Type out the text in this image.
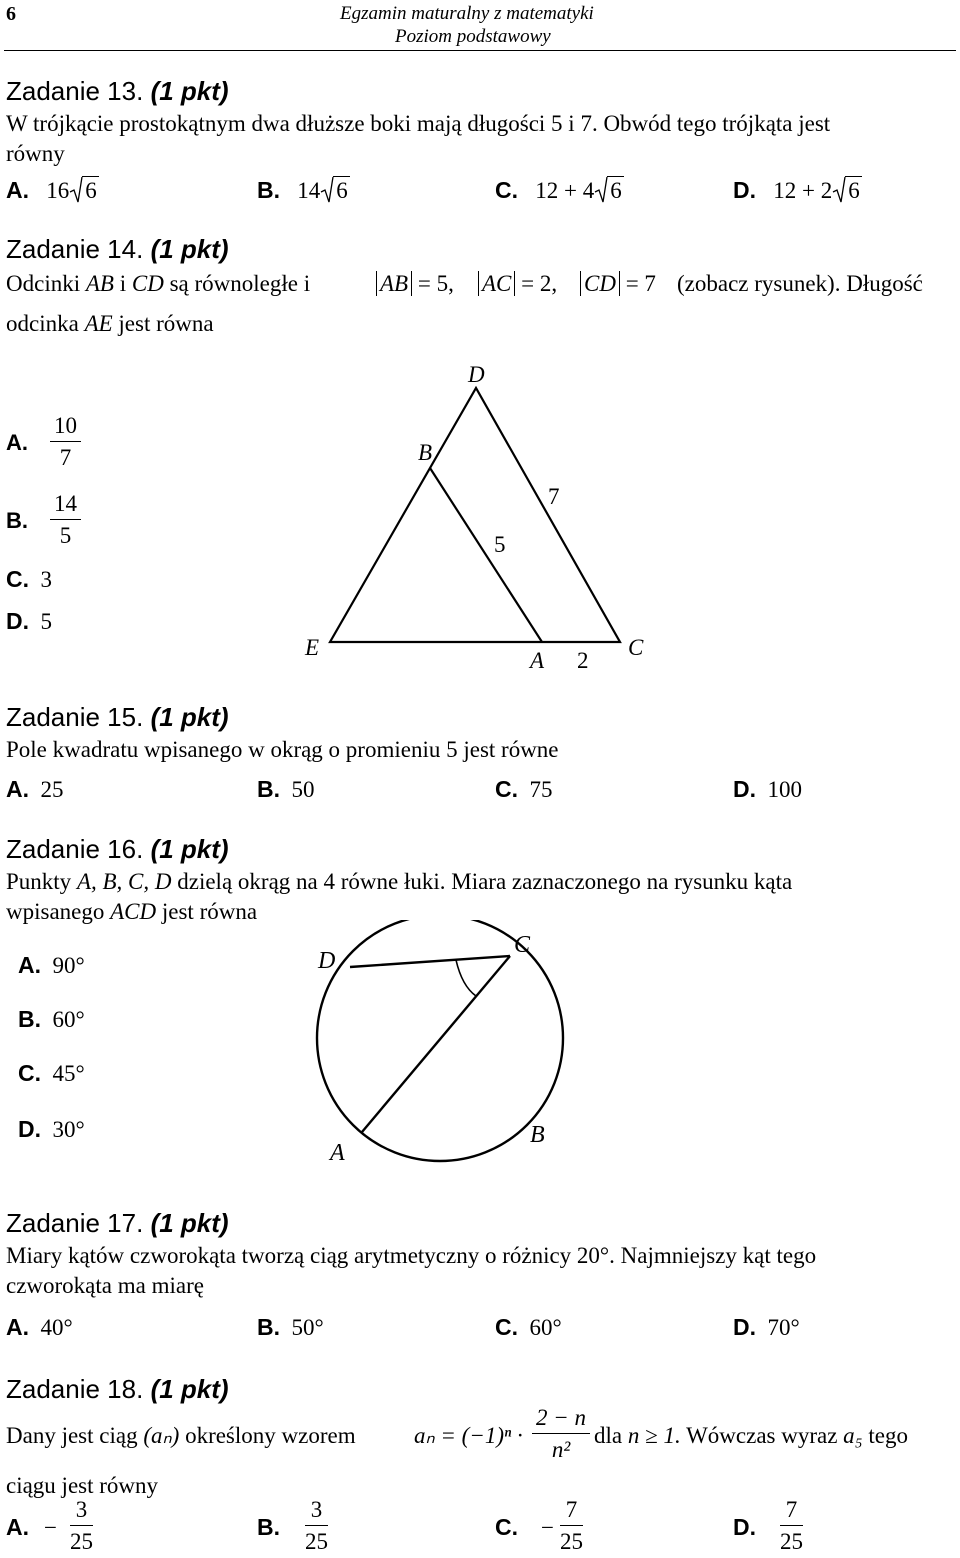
6	Egzamin maturalny z matematyki
Poziom podstawowy
Zadanie 13. (1 pkt)
W trójkącie prostokątnym dwa dłuższe boki mają długości 5 i 7. Obwód tego trójkąta jest
równy
A. 16 6	B. 14 6	C. 12 + 4 6	D. 12 + 2 6
Zadanie 14. (1 pkt)
Odcinki AB i CD są równoległe i	AB = 5, AC = 2, CD = 7 (zobacz rysunek). Długość
odcinka AE jest równa
A. $\frac{10}{7}$
B. $\frac{14}{5}$
C. 3
D. 5
D
B
E
A
C
7
5
2
Zadanie 15. (1 pkt)
Pole kwadratu wpisanego w okrąg o promieniu 5 jest równe
A. 25	B. 50	C. 75	D. 100
Zadanie 16. (1 pkt)
Punkty A, B, C, D dzielą okrąg na 4 równe łuki. Miara zaznaczonego na rysunku kąta
wpisanego ACD jest równa
A. 90°
B. 60°
C. 45°
D. 30°
D
C
A
B
Zadanie 17. (1 pkt)
Miary kątów czworokąta tworzą ciąg arytmetyczny o różnicy 20°. Najmniejszy kąt tego
czworokąta ma miarę
A. 40°	B. 50°	C. 60°	D. 70°
Zadanie 18. (1 pkt)
Dany jest ciąg (aₙ) określony wzorem	$a_n = (-1)^n \cdot \frac{2 - n}{\text{n²}}$ dla n ≥ 1. Wówczas wyraz a₅ tego
ciągu jest równy
A. − $\frac{3}{25}$	B. $\frac{3}{25}$	C. − $\frac{7}{25}$	D. $\frac{7}{25}$
